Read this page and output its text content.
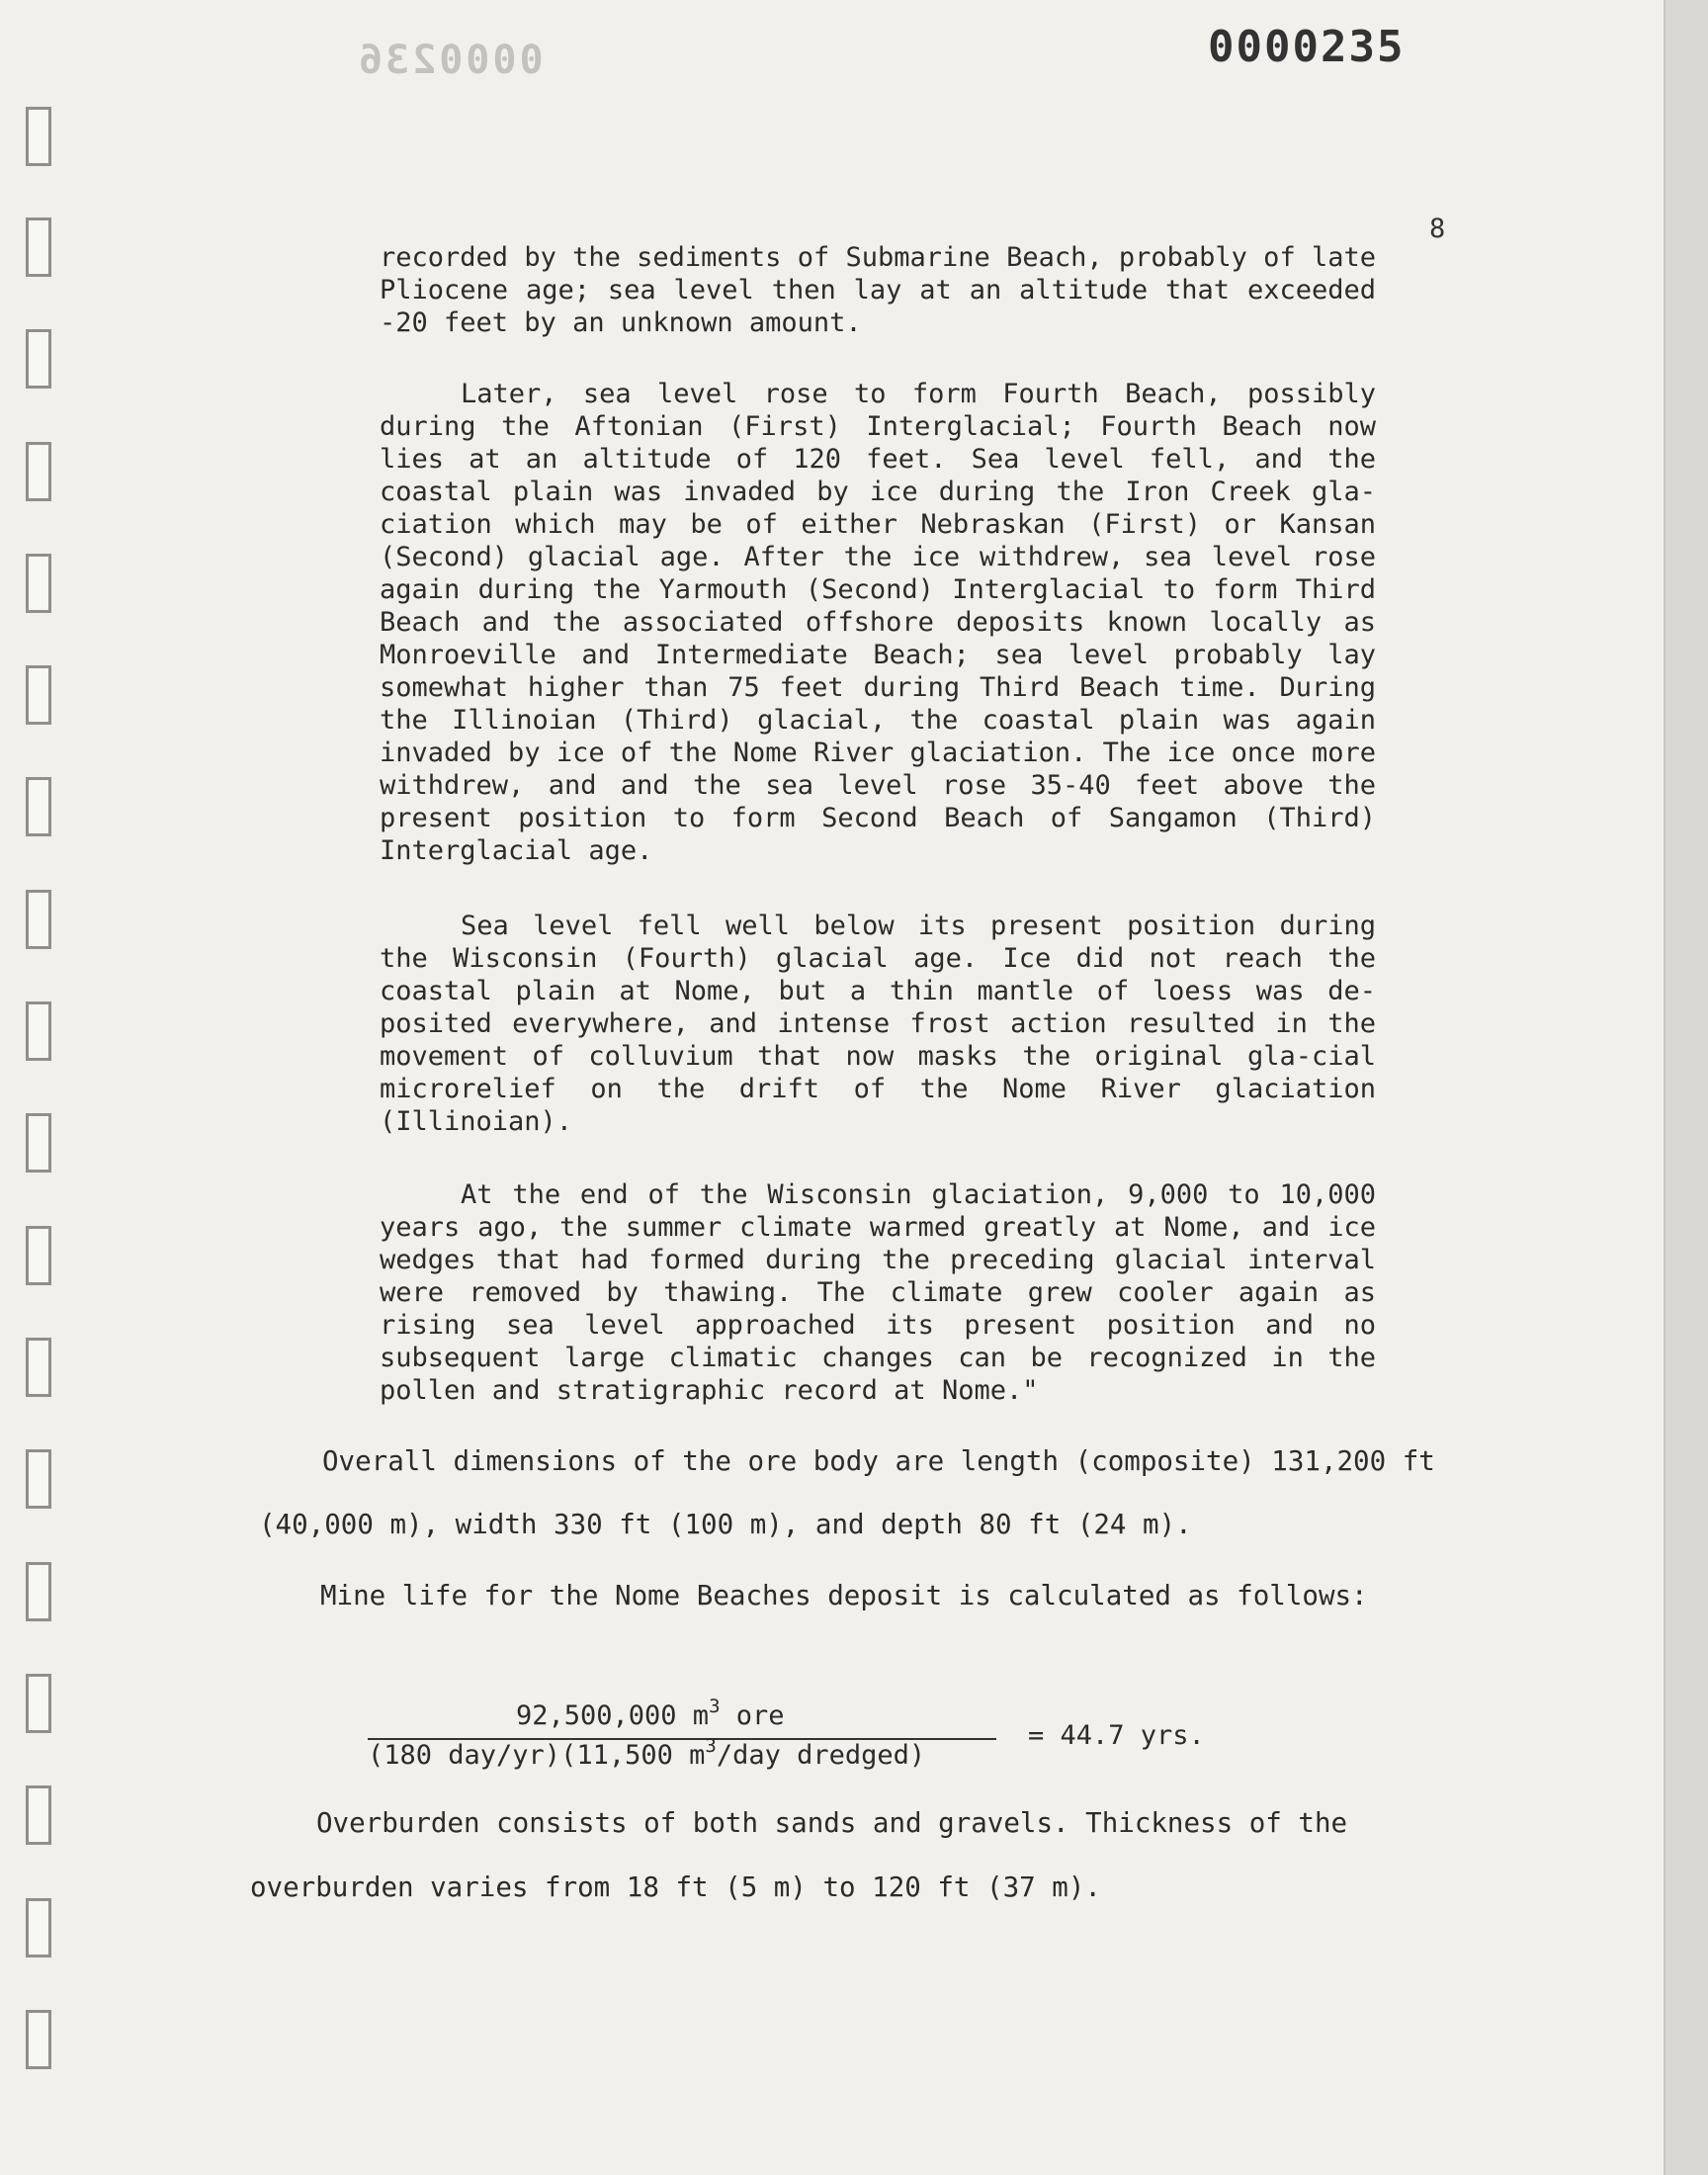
0000236	0000235
8

recorded by the sediments of Submarine Beach, probably of late Pliocene age; sea level then lay at an altitude that exceeded -20 feet by an unknown amount.

Later, sea level rose to form Fourth Beach, possibly during the Aftonian (First) Interglacial; Fourth Beach now lies at an altitude of 120 feet. Sea level fell, and the coastal plain was invaded by ice during the Iron Creek gla-ciation which may be of either Nebraskan (First) or Kansan (Second) glacial age. After the ice withdrew, sea level rose again during the Yarmouth (Second) Interglacial to form Third Beach and the associated offshore deposits known locally as Monroeville and Intermediate Beach; sea level probably lay somewhat higher than 75 feet during Third Beach time. During the Illinoian (Third) glacial, the coastal plain was again invaded by ice of the Nome River glaciation. The ice once more withdrew, and and the sea level rose 35-40 feet above the present position to form Second Beach of Sangamon (Third) Interglacial age.

Sea level fell well below its present position during the Wisconsin (Fourth) glacial age. Ice did not reach the coastal plain at Nome, but a thin mantle of loess was de-posited everywhere, and intense frost action resulted in the movement of colluvium that now masks the original gla-cial microrelief on the drift of the Nome River glaciation (Illinoian).

At the end of the Wisconsin glaciation, 9,000 to 10,000 years ago, the summer climate warmed greatly at Nome, and ice wedges that had formed during the preceding glacial interval were removed by thawing. The climate grew cooler again as rising sea level approached its present position and no subsequent large climatic changes can be recognized in the pollen and stratigraphic record at Nome."

Overall dimensions of the ore body are length (composite) 131,200 ft

(40,000 m), width 330 ft (100 m), and depth 80 ft (24 m).

Mine life for the Nome Beaches deposit is calculated as follows:

92,500,000 $m^3$ ore
(180 day/yr)(11,500 $m^3$/day dredged)
= 44.7 yrs.

Overburden consists of both sands and gravels. Thickness of the

overburden varies from 18 ft (5 m) to 120 ft (37 m).
